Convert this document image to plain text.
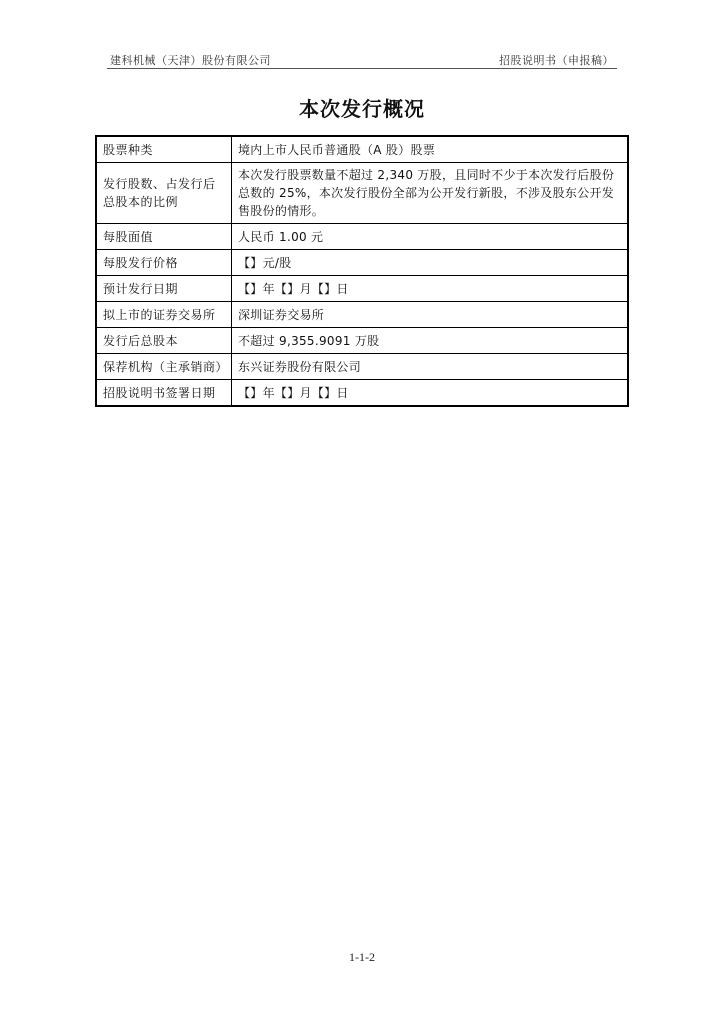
建科机械（天津）股份有限公司	招股说明书（申报稿）
本次发行概况
股票种类	境内上市人民币普通股（A 股）股票
发行股数、占发行后总股本的比例	本次发行股票数量不超过 2,340 万股，且同时不少于本次发行后股份总数的 25%，本次发行股份全部为公开发行新股，不涉及股东公开发售股份的情形。
每股面值	人民币 1.00 元
每股发行价格	【】元/股
预计发行日期	【】年【】月【】日
拟上市的证券交易所	深圳证券交易所
发行后总股本	不超过 9,355.9091 万股
保荐机构（主承销商）	东兴证券股份有限公司
招股说明书签署日期	【】年【】月【】日
1-1-2
